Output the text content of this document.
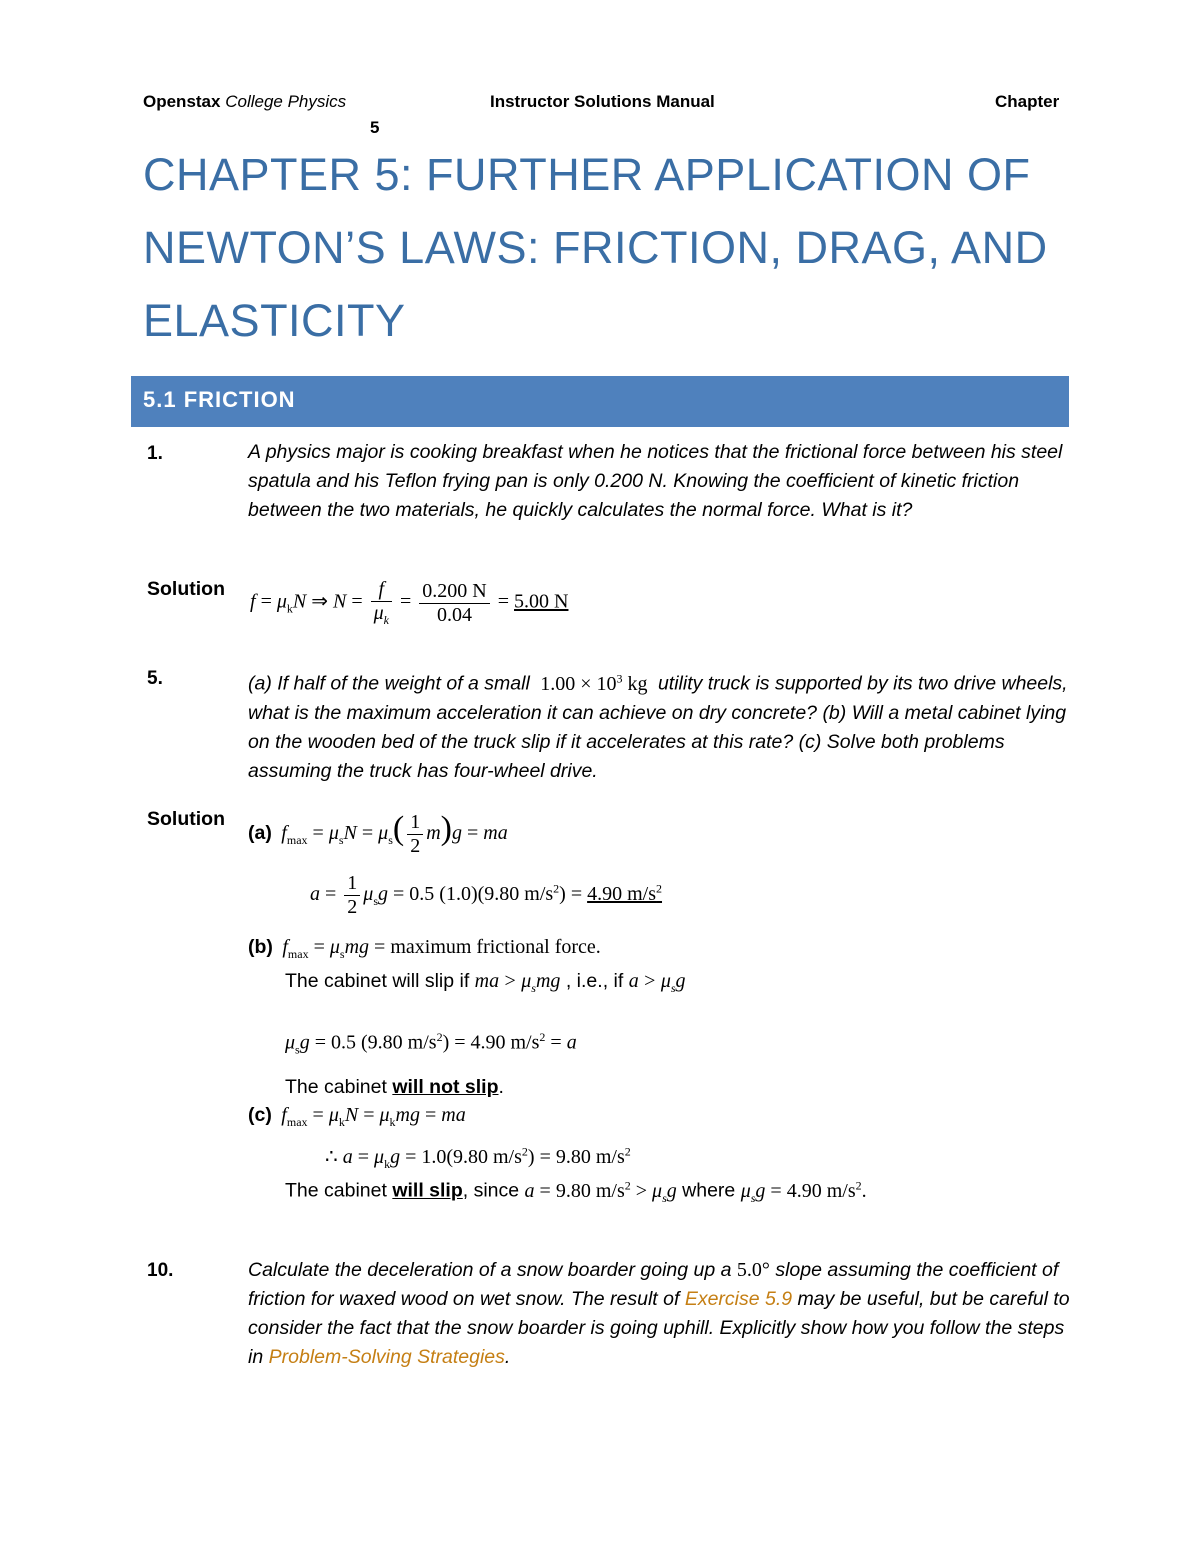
Openstax College Physics	Instructor Solutions Manual	Chapter
5
CHAPTER 5: FURTHER APPLICATION OF NEWTON’S LAWS: FRICTION, DRAG, AND ELASTICITY
5.1 FRICTION
1.	A physics major is cooking breakfast when he notices that the frictional force between his steel spatula and his Teflon frying pan is only 0.200 N. Knowing the coefficient of kinetic friction between the two materials, he quickly calculates the normal force. What is it?
Solution
$f = \mu_kN$ ⇒ $N = \frac{f}{\mu_k} = \frac{0.200 N}{0.04} = 5.00$ N
5.	(a) If half of the weight of a small $1.00 \times 10^3$ kg utility truck is supported by its two drive wheels, what is the maximum acceleration it can achieve on dry concrete? (b) Will a metal cabinet lying on the wooden bed of the truck slip if it accelerates at this rate? (c) Solve both problems assuming the truck has four-wheel drive.
Solution
(a) $f_{max} = \mu_sN = \mu_s( \frac{1}{2} m)g$ = ma
$a = \frac{1}{2} \mu_sg = 0.5$ (1.0)(9.80 $m/s^2) = 4.90$ $m/s^2$
(b) $f_{max} = \mu_smg$ = maximum frictional force.
The cabinet will slip if ma > $\mu_smg$ , i.e., if $a > \mu_sg$
$\mu_sg = 0.5$ (9.80 $m/s^2) = 4.90$ $m/s^2 = a$
The cabinet will not slip.
(c) $f_{max} = \mu_kN = \mu_kmg$ = ma
∴ $a = \mu_kg = 1.0(9.80$ $m/s^2) = 9.80$ $m/s^2$
The cabinet will slip, since a = 9.80 $m/s^2 > \mu_sg$ where $\mu_sg = 4.90$ $m/s^2$.
10.	Calculate the deceleration of a snow boarder going up a 5.0° slope assuming the coefficient of friction for waxed wood on wet snow. The result of Exercise 5.9 may be useful, but be careful to consider the fact that the snow boarder is going uphill. Explicitly show how you follow the steps in Problem-Solving Strategies.
